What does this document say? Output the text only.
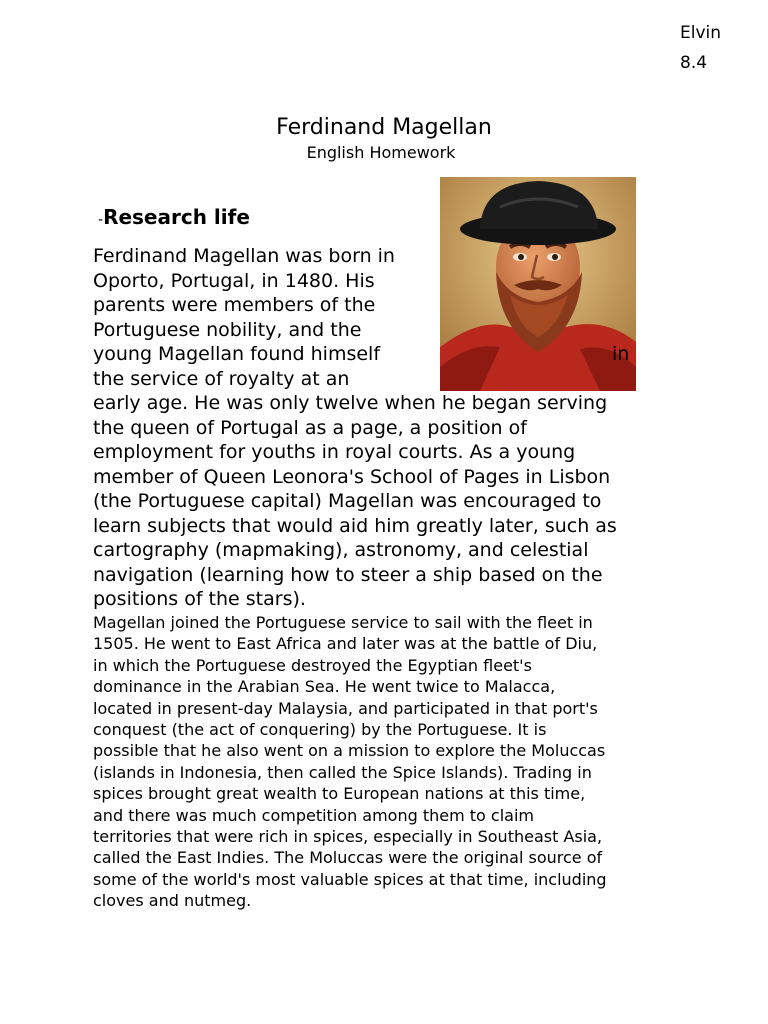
Elvin
8.4
Ferdinand Magellan
English Homework
-Research life
Ferdinand Magellan was born in
Oporto, Portugal, in 1480. His
parents were members of the
Portuguese nobility, and the
young Magellan found himself	in
the service of royalty at an
early age. He was only twelve when he began serving
the queen of Portugal as a page, a position of
employment for youths in royal courts. As a young
member of Queen Leonora's School of Pages in Lisbon
(the Portuguese capital) Magellan was encouraged to
learn subjects that would aid him greatly later, such as
cartography (mapmaking), astronomy, and celestial
navigation (learning how to steer a ship based on the
positions of the stars).
Magellan joined the Portuguese service to sail with the fleet in
1505. He went to East Africa and later was at the battle of Diu,
in which the Portuguese destroyed the Egyptian fleet's
dominance in the Arabian Sea. He went twice to Malacca,
located in present-day Malaysia, and participated in that port's
conquest (the act of conquering) by the Portuguese. It is
possible that he also went on a mission to explore the Moluccas
(islands in Indonesia, then called the Spice Islands). Trading in
spices brought great wealth to European nations at this time,
and there was much competition among them to claim
territories that were rich in spices, especially in Southeast Asia,
called the East Indies. The Moluccas were the original source of
some of the world's most valuable spices at that time, including
cloves and nutmeg.
